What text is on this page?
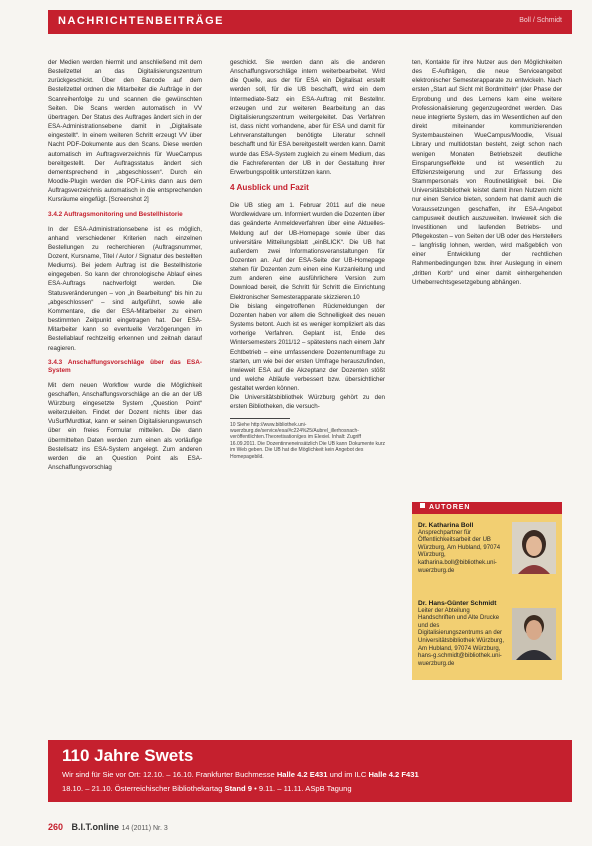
NACHRICHTENBEITRÄGE	Boll / Schmidt

der Medien werden hiermit und anschließend mit dem Bestellzettel an das Digitalisierungszentrum zurückgeschickt. Über den Barcode auf dem Bestellzettel ordnen die Mitarbeiter die Aufträge in der Scanreihenfolge zu und scannen die gewünschten Seiten. Die Scans werden automatisch in VV übertragen. Der Status des Auftrages ändert sich in der ESA-Administrationsebene damit in „Digitalisate eingestellt“. In einem weiteren Schritt erzeugt VV über Nacht PDF-Dokumente aus den Scans. Diese werden automatisch im Auftragsverzeichnis für WueCampus bereitgestellt. Der Auftragsstatus ändert sich dementsprechend in „abgeschlossen“. Durch ein Moodle-Plugin werden die PDF-Links dann aus dem Auftragsverzeichnis automatisch in die entsprechenden Kursräume eingefügt. [Screenshot 2]

3.4.2 Auftragsmonitoring und Bestellhistorie

In der ESA-Administrationsebene ist es möglich, anhand verschiedener Kriterien nach einzelnen Bestellungen zu recherchieren (Auftragsnummer, Dozent, Kursname, Titel / Autor / Signatur des bestellten Mediums). Bei jedem Auftrag ist die Bestellhistorie eingegeben. So kann der chronologische Ablauf eines ESA-Auftrags nachverfolgt werden. Die Statusveränderungen – von „in Bearbeitung“ bis hin zu „abgeschlossen“ – sind aufgeführt, sowie alle Kommentare, die der ESA-Mitarbeiter zu einem bestimmten Zeitpunkt eingetragen hat. Der ESA-Mitarbeiter kann so eventuelle Verzögerungen im Bestellablauf rechtzeitig erkennen und zeitnah darauf reagieren.

3.4.3 Anschaffungsvorschläge über das ESA-System

Mit dem neuen Workflow wurde die Möglichkeit geschaffen, Anschaffungsvorschläge an die an der UB Würzburg eingesetzte System „Question Point“ weiterzuleiten. Findet der Dozent nichts über das VuSurfMurdtkat, kann er seinen Digitalisierungswunsch über ein freies Formular mitteilen. Die dann übermittelten Daten werden zum einen als vorläufige Bestellsatz ins ESA-System angelegt. Zum anderen werden die an Question Point als ESA-Anschaffungsvorschlag

geschickt. Sie werden dann als die anderen Anschaffungsvorschläge intern weiterbearbeitet. Wird die Quelle, aus der für ESA ein Digitalisat erstellt werden soll, für die UB beschafft, wird ein dem Intermediate-Satz ein ESA-Auftrag mit Bestellnr. erzeugen und zur weiteren Bearbeitung an das Digitalisierungszentrum weitergeleitet. Das Verfahren ist, dass nicht vorhandene, aber für ESA und damit für Lehrveranstaltungen benötigte Literatur schnell beschafft und für ESA bereitgestellt werden kann. Damit wurde das ESA-System zugleich zu einem Medium, das die Fachreferenten der UB in der Gestaltung ihrer Erwerbungspolitik unterstützen kann.

4 Ausblick und Fazit

Die UB stieg am 1. Februar 2011 auf die neue Wordlewidvare um. Informiert wurden die Dozenten über das geänderte Anmeldeverfahren über eine Aktuelles-Meldung auf der UB-Homepage sowie über das universitäre Mitteilungsblatt „einBLICK“. Die UB hat außerdem zwei Informationsveranstaltungen für Dozenten an. Auf der ESA-Seite der UB-Homepage stehen für Dozenten zum einen eine Kurzanleitung und zum anderen eine ausführlichere Version zum Download bereit, die Schritt für Schritt die Einrichtung Elektronischer Semesterapparate skizzieren.10

Die bislang eingetroffenen Rückmeldungen der Dozenten haben vor allem die Schnelligkeit des neuen Systems betont. Auch ist es weniger kompliziert als das vorherige Verfahren. Geplant ist, Ende des Wintersemesters 2011/12 – spätestens nach einem Jahr Echtbetrieb – eine umfassendere Dozentenumfrage zu starten, um wie bei der ersten Umfrage herauszufinden, inwieweit ESA auf die Akzeptanz der Dozenten stößt und welche Abläufe verbessert bzw. übersichtlicher gestaltet werden können.

Die Universitätsbibliothek Würzburg gehört zu den ersten Bibliotheken, die versuch-

10 Siehe http://www.bibliothek.uni-wuerzburg.de/service/esa/#c224%25/Aubrel_illerhosnach-veröffentlichten.Theoretisation/ges im Elexiel. Inhalt: Zugriff 16.09.2011. Die Dozentinneneinsätzlich Die UB kann Dokumente kurz im Web geben. Die UB hat die Möglichkeit kein Angebot des Homepagebild.

ten, Kontakte für ihre Nutzer aus den Möglichkeiten des E-Aufträgen, die neue Serviceangebot elektronischer Semesterapparate zu entwickeln. Nach ersten „Start auf Sicht mit Bordmitteln“ (der Phase der Erprobung und des Lernens kam eine weitere Professionalisierung gegenzugeordnet werden. Das neue integrierte System, das im Wesentlichen auf den direkt miteinander kommunizierenden Systembausteinen WueCampus/Moodle, Visual Library und multidotstan besteht, zeigt schon nach wenigen Monaten Betriebszeit deutliche Einsparungseffekte und ist wesentlich zu Effizienzsteigerung und zur Erfassung des Stammpersonals von Routinetätigkeit bei. Die Universitätsbibliothek leistet damit ihren Nutzern nicht nur einen Service bieten, sondern hat damit auch die Voraussetzungen geschaffen, ihr ESA-Angebot campusweit deutlich auszuweiten. Inwieweit sich die Investitionen und laufenden Betriebs- und Pflegekosten – von Seiten der UB oder des Herstellers – langfristig lohnen, werden, wird maßgeblich von einer Entwicklung der rechtlichen Rahmenbedingungen bzw. ihrer Auslegung in einem „dritten Korb“ und einer damit einhergehenden Urheberrechtsgesetzgebung abhängen.

AUTOREN
Dr. Katharina Boll
Ansprechpartner für Öffentlichkeitsarbeit der UB Würzburg, Am Hubland, 97074 Würzburg, katharina.boll@bibliothek.uni-wuerzburg.de
Dr. Hans-Günter Schmidt
Leiter der Abteilung Handschriften und Alte Drucke und des Digitalisierungszentrums an der Universitätsbibliothek Würzburg, Am Hubland, 97074 Würzburg, hans-g.schmidt@bibliothek.uni-wuerzburg.de
110 Jahre Swets
Wir sind für Sie vor Ort: 12.10. – 16.10. Frankfurter Buchmesse Halle 4.2 E431 und im ILC Halle 4.2 F431
18.10. – 21.10. Österreichischer Bibliothekartag Stand 9 • 9.11. – 11.11. ASpB Tagung
260 B.I.T.online 14 (2011) Nr. 3
